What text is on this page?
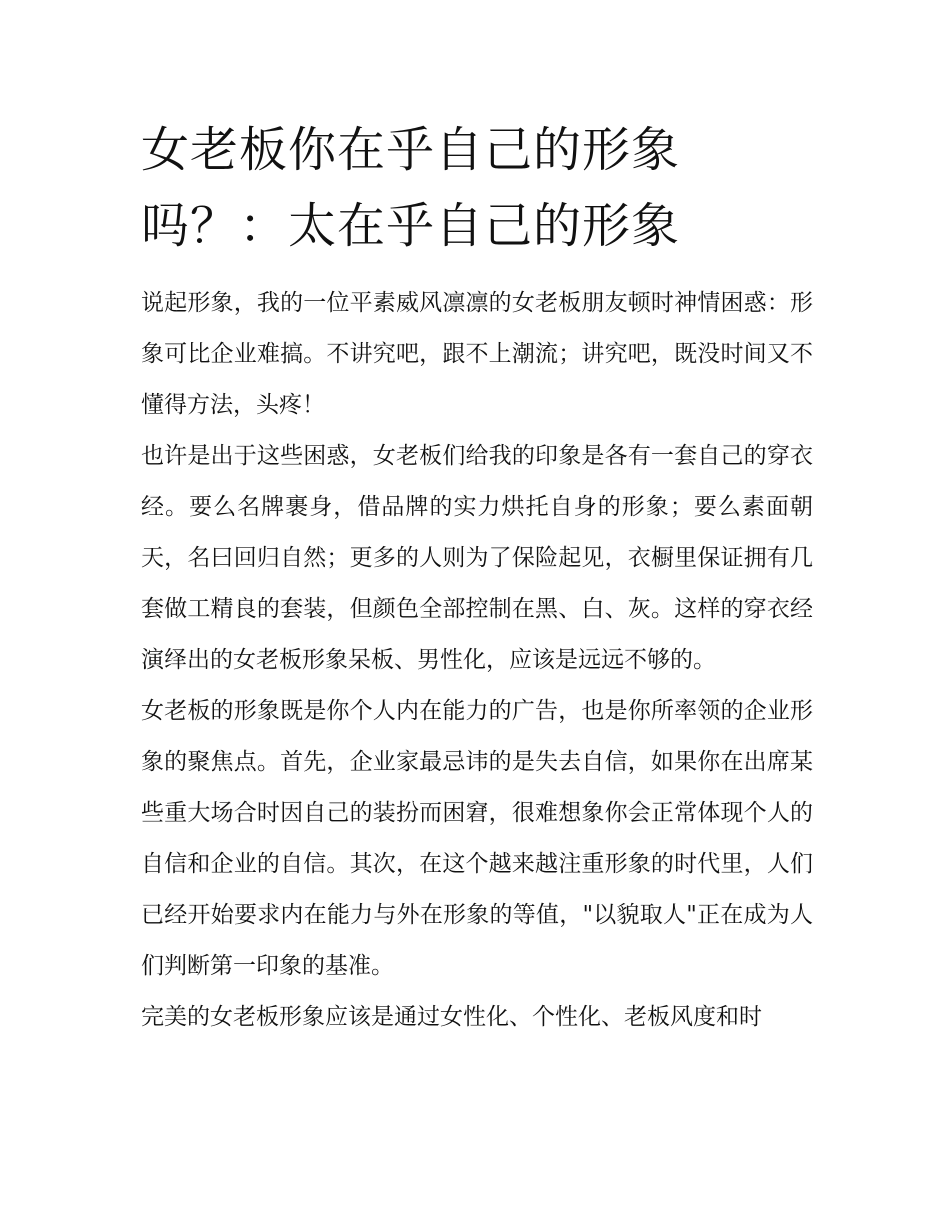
女老板你在乎自己的形象吗？：太在乎自己的形象

说起形象，我的一位平素威风凛凛的女老板朋友顿时神情困惑：形象可比企业难搞。不讲究吧，跟不上潮流；讲究吧，既没时间又不懂得方法，头疼！

也许是出于这些困惑，女老板们给我的印象是各有一套自己的穿衣经。要么名牌裹身，借品牌的实力烘托自身的形象；要么素面朝天，名曰回归自然；更多的人则为了保险起见，衣橱里保证拥有几套做工精良的套装，但颜色全部控制在黑、白、灰。这样的穿衣经演绎出的女老板形象呆板、男性化，应该是远远不够的。

女老板的形象既是你个人内在能力的广告，也是你所率领的企业形象的聚焦点。首先，企业家最忌讳的是失去自信，如果你在出席某些重大场合时因自己的装扮而困窘，很难想象你会正常体现个人的自信和企业的自信。其次，在这个越来越注重形象的时代里，人们已经开始要求内在能力与外在形象的等值，"以貌取人"正在成为人们判断第一印象的基准。

完美的女老板形象应该是通过女性化、个性化、老板风度和时
